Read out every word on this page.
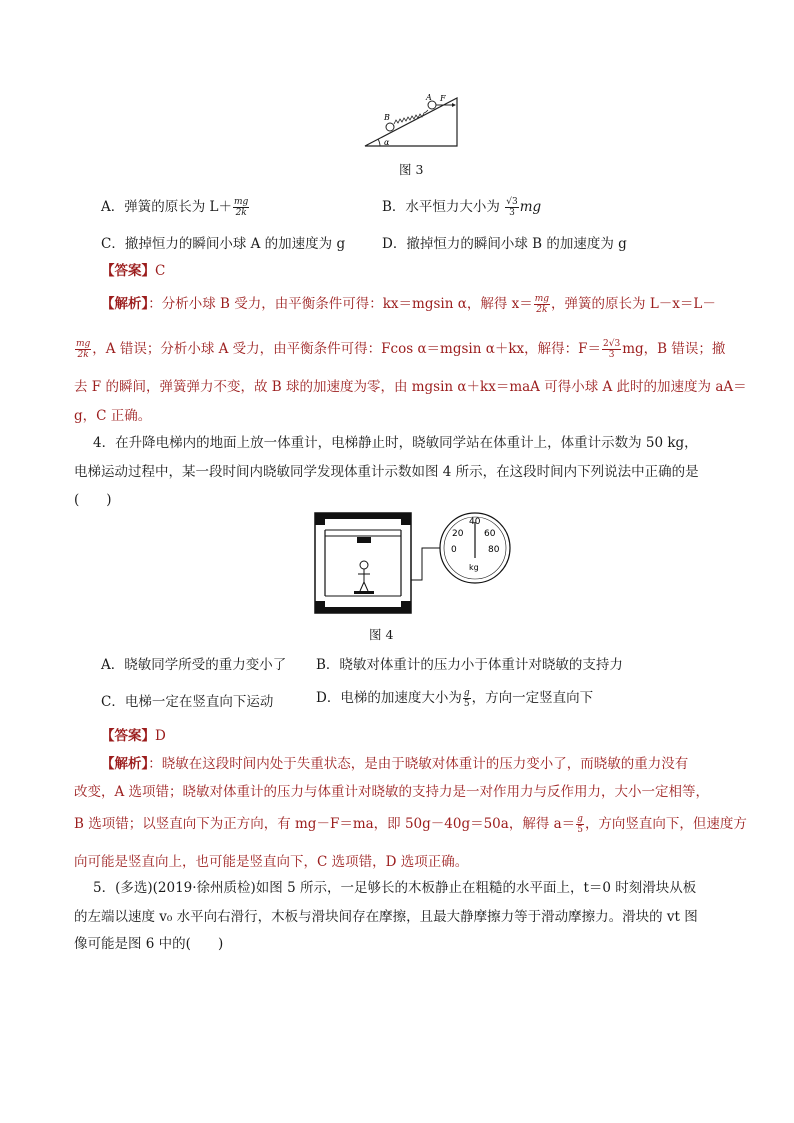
B
A F
α
图 3
A．弹簧的原长为 $L+ \frac{mg}{2k}$	B．水平恒力大小为 $\frac{√3}{3}$ mg
C．撤掉恒力的瞬间小球 A 的加速度为 g	D．撤掉恒力的瞬间小球 B 的加速度为 g
【答案】C
【解析】：分析小球 B 受力，由平衡条件可得：kx＝mgsin α，解得 $x= \frac{mg}{2k}$ ，弹簧的原长为 L－x＝L－
$\frac{mg}{2k}$ ，A 错误；分析小球 A 受力，由平衡条件可得：Fcos α＝mgsin α＋kx，解得：$F= \frac{2√3}{3}$ mg，B 错误；撤
去 F 的瞬间，弹簧弹力不变，故 B 球的加速度为零，由 mgsin α＋kx＝maA 可得小球 A 此时的加速度为 aA＝
g，C 正确。
4．在升降电梯内的地面上放一体重计，电梯静止时，晓敏同学站在体重计上，体重计示数为 50 kg，
电梯运动过程中，某一段时间内晓敏同学发现体重计示数如图 4 所示，在这段时间内下列说法中正确的是
(　　)
40
20 60
0	80
kg
图 4
A．晓敏同学所受的重力变小了 B．晓敏对体重计的压力小于体重计对晓敏的支持力
C．电梯一定在竖直向下运动	D．电梯的加速度大小为 $\frac{g}{5}$ ，方向一定竖直向下
【答案】D
【解析】：晓敏在这段时间内处于失重状态，是由于晓敏对体重计的压力变小了，而晓敏的重力没有
改变，A 选项错；晓敏对体重计的压力与体重计对晓敏的支持力是一对作用力与反作用力，大小一定相等，
B 选项错；以竖直向下为正方向，有 mg－F＝ma，即 50g－40g＝50a，解得 $a= \frac{g}{5}$ ，方向竖直向下，但速度方
向可能是竖直向上，也可能是竖直向下，C 选项错，D 选项正确。
5．(多选)(2019·徐州质检)如图 5 所示，一足够长的木板静止在粗糙的水平面上，t＝0 时刻滑块从板
的左端以速度 v₀ 水平向右滑行，木板与滑块间存在摩擦，且最大静摩擦力等于滑动摩擦力。滑块的 vt 图
像可能是图 6 中的(　　)
